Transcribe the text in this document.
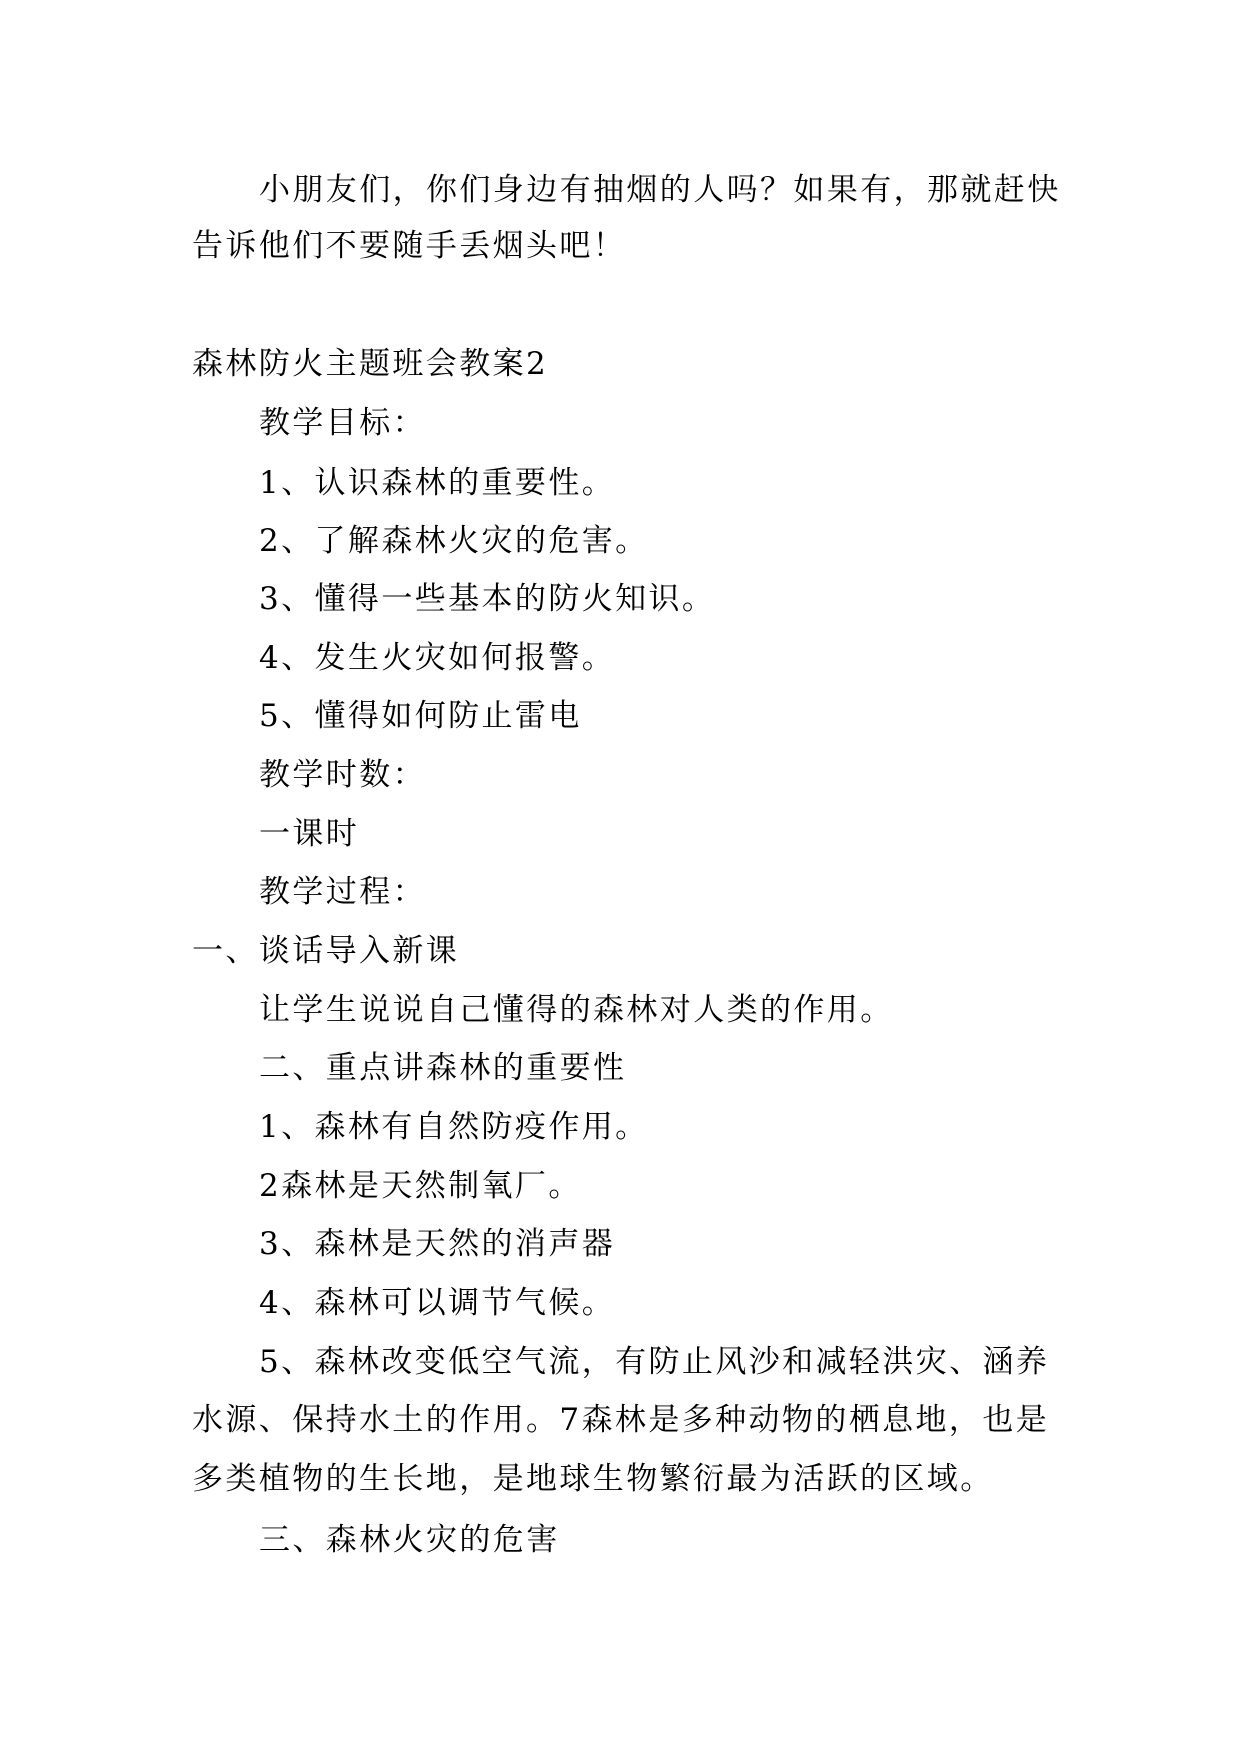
小朋友们，你们身边有抽烟的人吗？如果有，那就赶快
告诉他们不要随手丢烟头吧！
森林防火主题班会教案2
教学目标：
1、认识森林的重要性。
2、了解森林火灾的危害。
3、懂得一些基本的防火知识。
4、发生火灾如何报警。
5、懂得如何防止雷电
教学时数：
一课时
教学过程：
一、谈话导入新课
让学生说说自己懂得的森林对人类的作用。
二、重点讲森林的重要性
1、森林有自然防疫作用。
2森林是天然制氧厂。
3、森林是天然的消声器
4、森林可以调节气候。
5、森林改变低空气流，有防止风沙和减轻洪灾、涵养
水源、保持水土的作用。7森林是多种动物的栖息地，也是
多类植物的生长地，是地球生物繁衍最为活跃的区域。
三、森林火灾的危害
